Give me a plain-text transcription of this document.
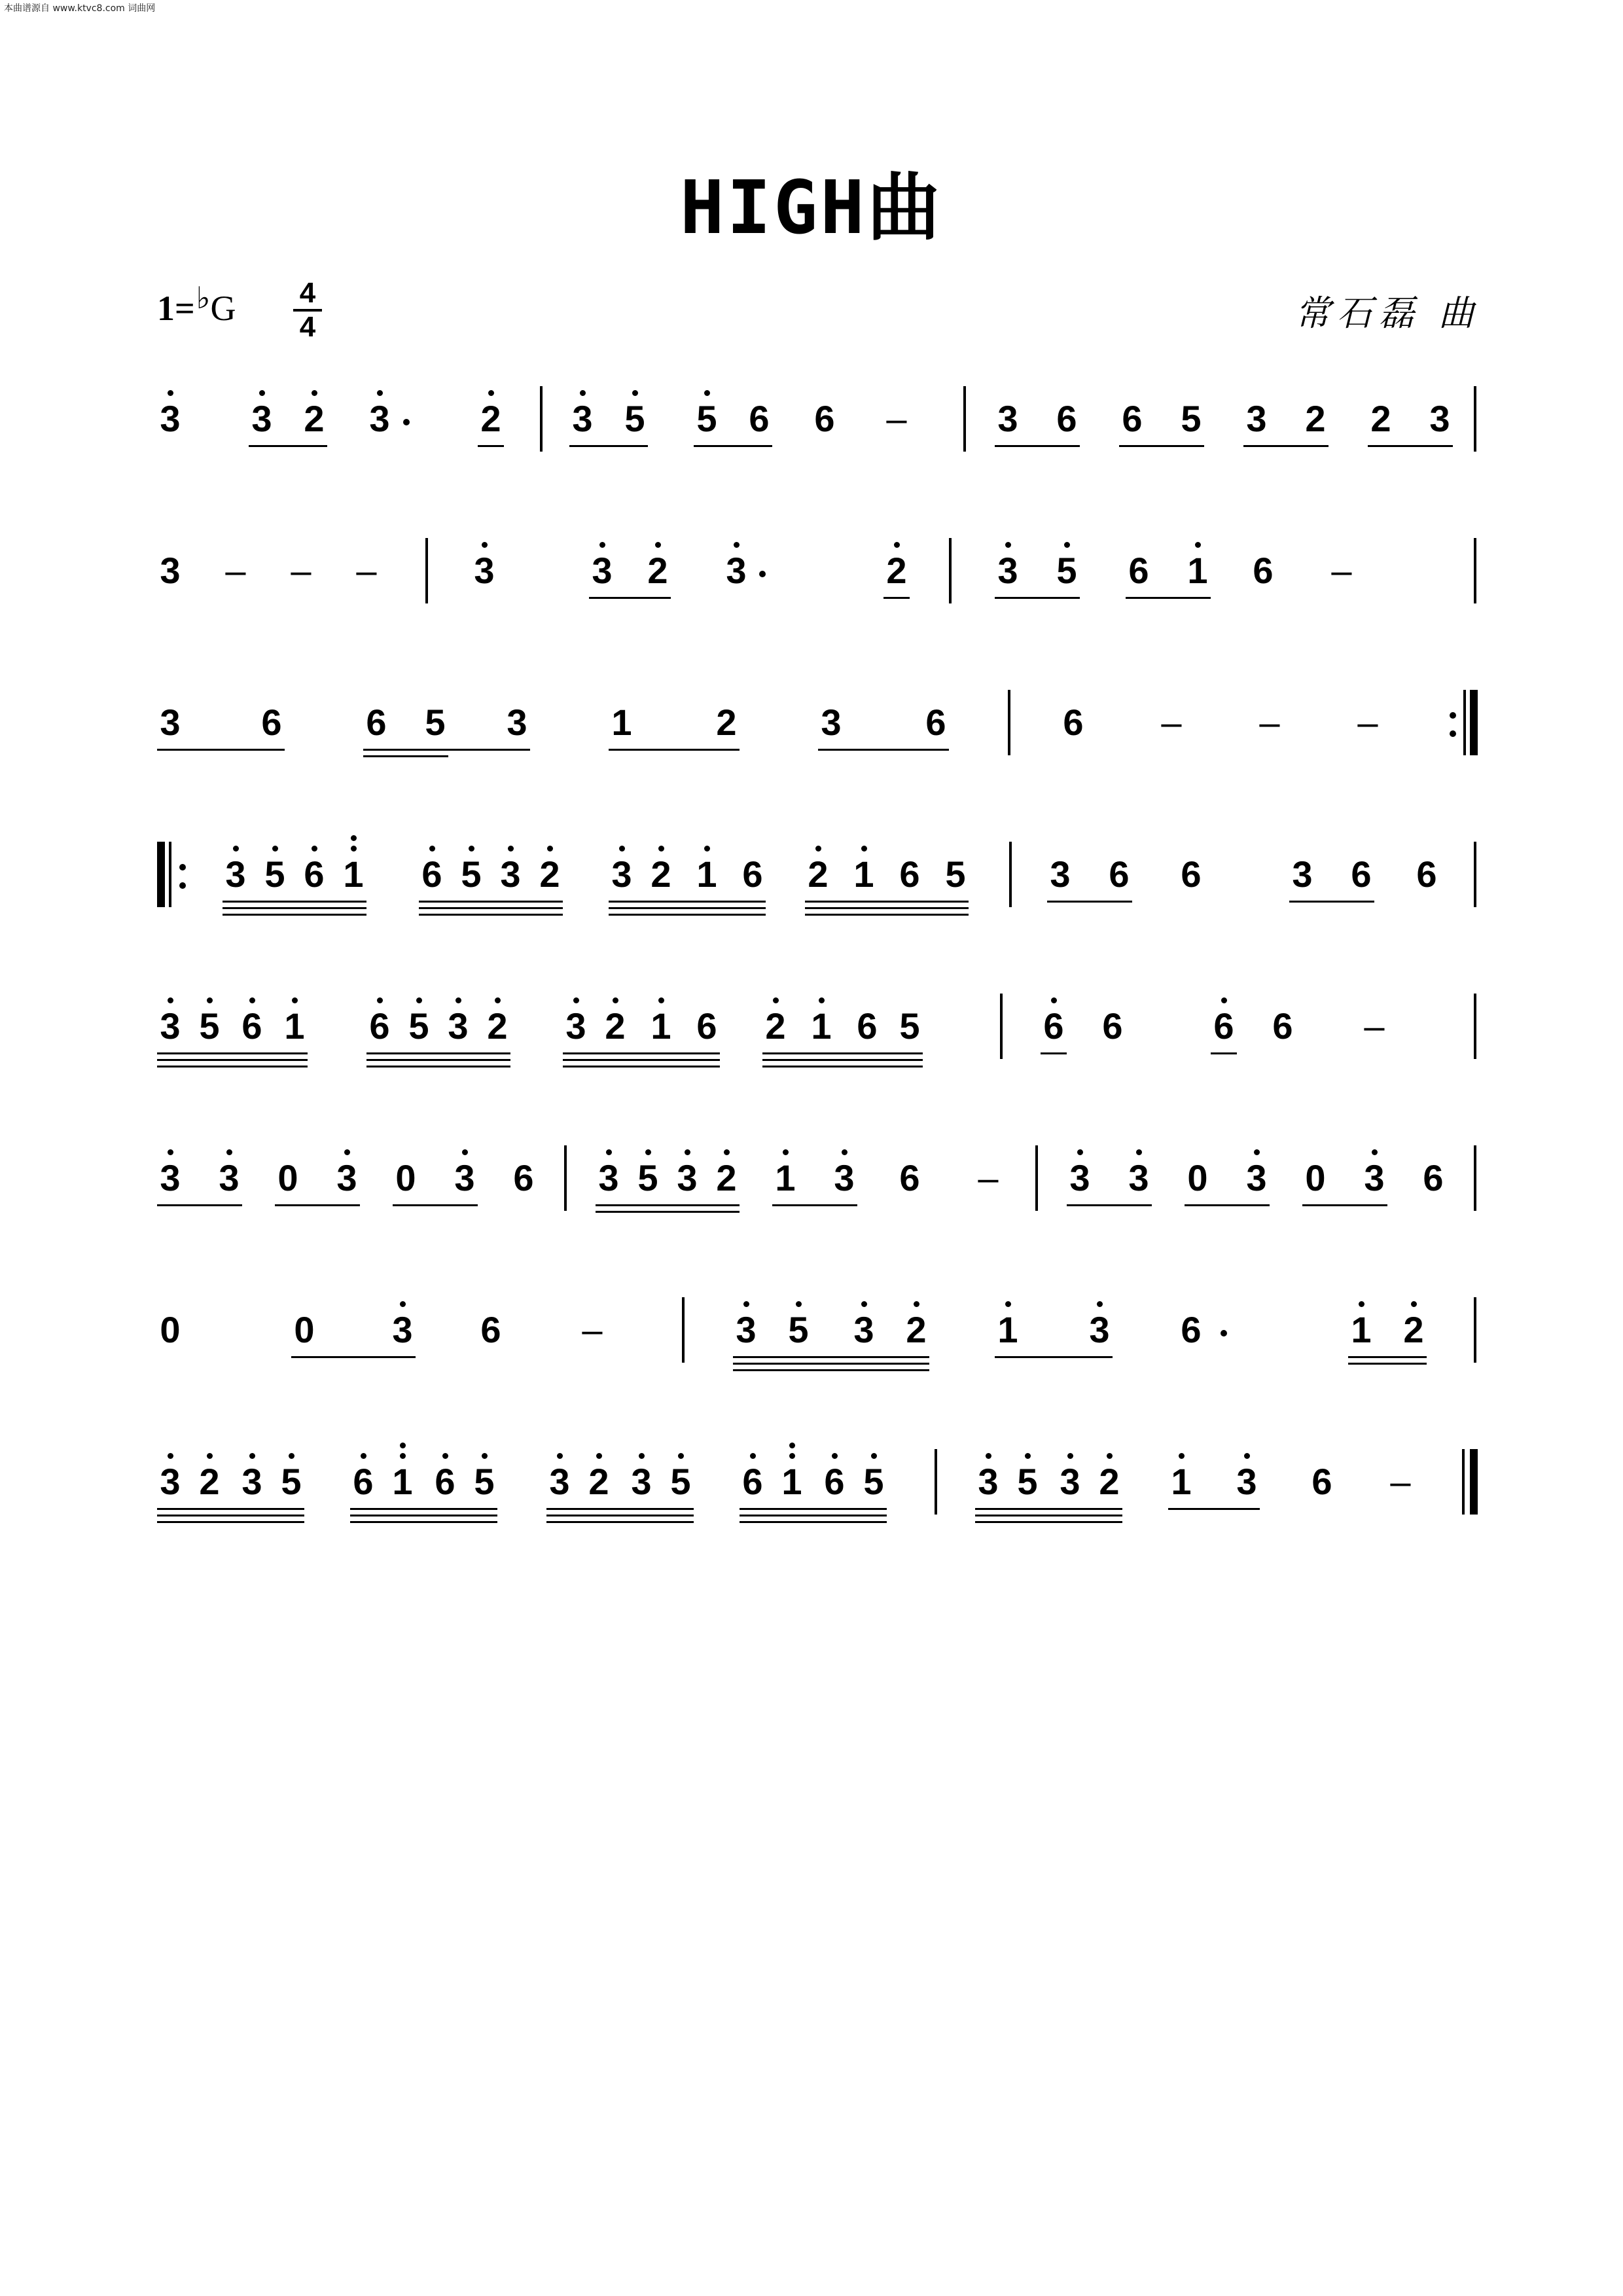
本曲谱源自 www.ktvc8.com 词曲网
HIGH曲
1=♭G 4
4	常石磊 曲
3 3 2 3 2 3 5 5 6 6 – 3 6 6 5 3 2 2 3
3 – – –	3	3 2 3	2 3 5 6 1 6 –
3 6 6 5 3 1 2 3 6	6 – – –
3 5 6 1 6 5 3 2 3 2 1 6 2 1 6 5 3 6 6 3 6 6
3 5 6 1 6 5 3 2 3 2 1 6 2 1 6 5	6 6 6 6 –
3 3 0 3 0 3 6 3 5 3 2 1 3 6 – 3 3 0 3 0 3 6
0	0 3 6 –	3 5 3 2 1 3 6	1 2
3 2 3 5 6 1 6 5 3 2 3 5 6 1 6 5	3 5 3 2 1 3 6 –
